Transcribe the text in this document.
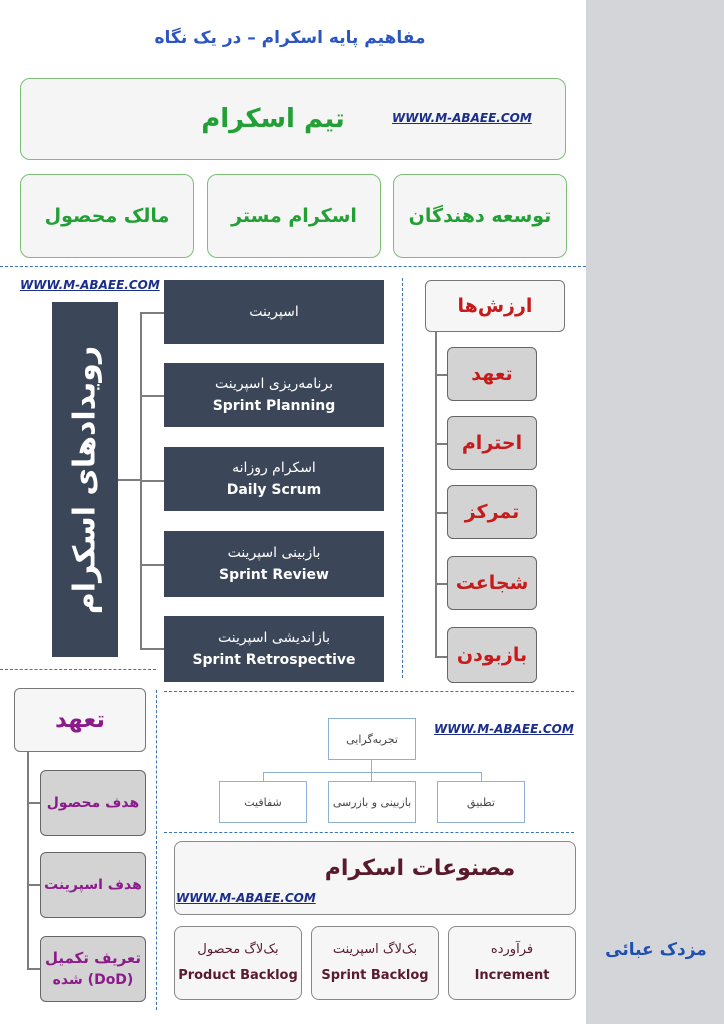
مزدک عبائی
مفاهیم پایه اسکرام – در یک نگاه
تیم اسکرام	WWW.M-ABAEE.COM
مالک محصول	اسکرام مستر	توسعه دهندگان
WWW.M-ABAEE.COM
رویدادهای اسکرام
اسپرینت
برنامه‌ریزی اسپرینت
Sprint Planning
اسکرام روزانه
Daily Scrum
بازبینی اسپرینت
Sprint Review
بازاندیشی اسپرینت
Sprint Retrospective
ارزش‌ها
تعهد
احترام
تمرکز
شجاعت
بازبودن
تعهد
هدف محصول
هدف اسپرینت
تعریف تکمیل
شده (DoD)
WWW.M-ABAEE.COM
تجربه‌گرایی
شفافیت	بازبینی و بازرسی	تطبیق
مصنوعات اسکرام
WWW.M-ABAEE.COM
بک‌لاگ محصول
Product Backlog
بک‌لاگ اسپرینت
Sprint Backlog
فرآورده
Increment
